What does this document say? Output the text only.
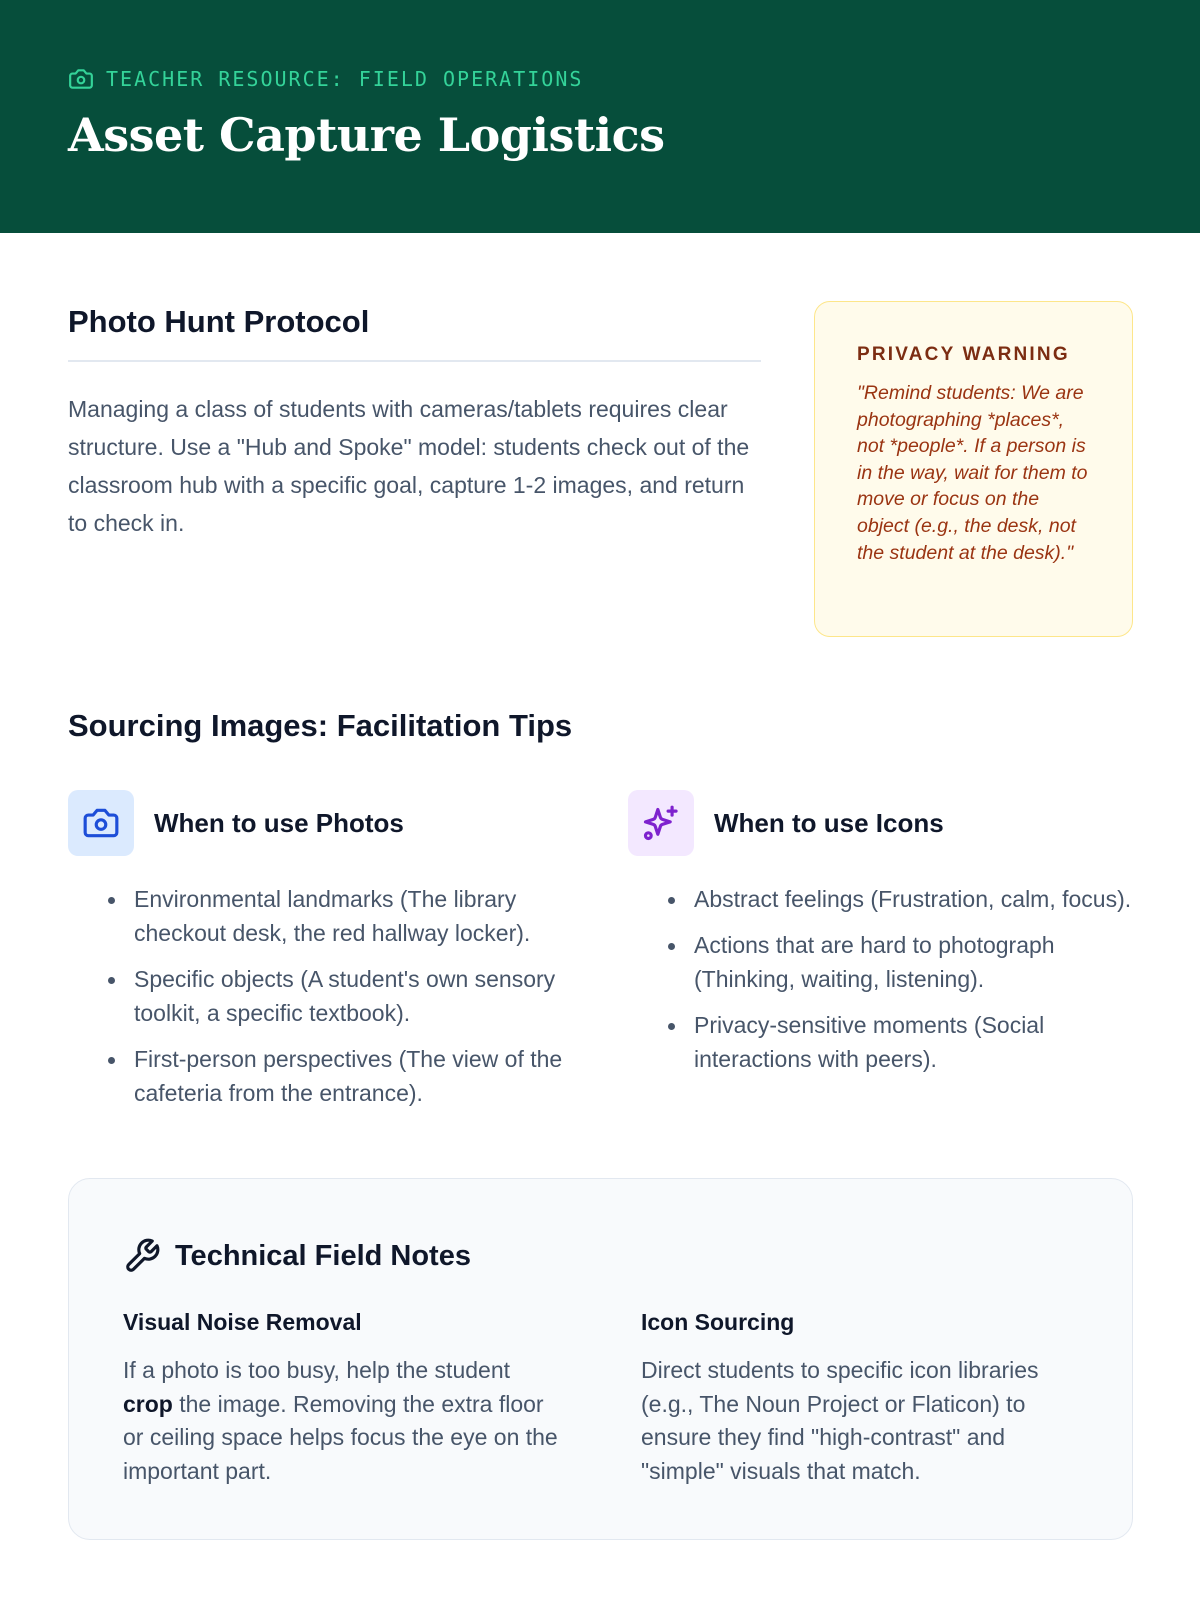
TEACHER RESOURCE: FIELD OPERATIONS
Asset Capture Logistics
Photo Hunt Protocol

Managing a class of students with cameras/tablets requires clear structure. Use a "Hub and Spoke" model: students check out of the classroom hub with a specific goal, capture 1-2 images, and return to check in.

PRIVACY WARNING

"Remind students: We are photographing *places*, not *people*. If a person is in the way, wait for them to move or focus on the object (e.g., the desk, not the student at the desk)."

Sourcing Images: Facilitation Tips
When to use Photos
Environmental landmarks (The library checkout desk, the red hallway locker).
Specific objects (A student's own sensory toolkit, a specific textbook).
First-person perspectives (The view of the cafeteria from the entrance).
When to use Icons
Abstract feelings (Frustration, calm, focus).
Actions that are hard to photograph (Thinking, waiting, listening).
Privacy-sensitive moments (Social interactions with peers).
Technical Field Notes
Visual Noise Removal

If a photo is too busy, help the student crop the image. Removing the extra floor or ceiling space helps focus the eye on the important part.

Icon Sourcing

Direct students to specific icon libraries (e.g., The Noun Project or Flaticon) to ensure they find "high-contrast" and "simple" visuals that match.
